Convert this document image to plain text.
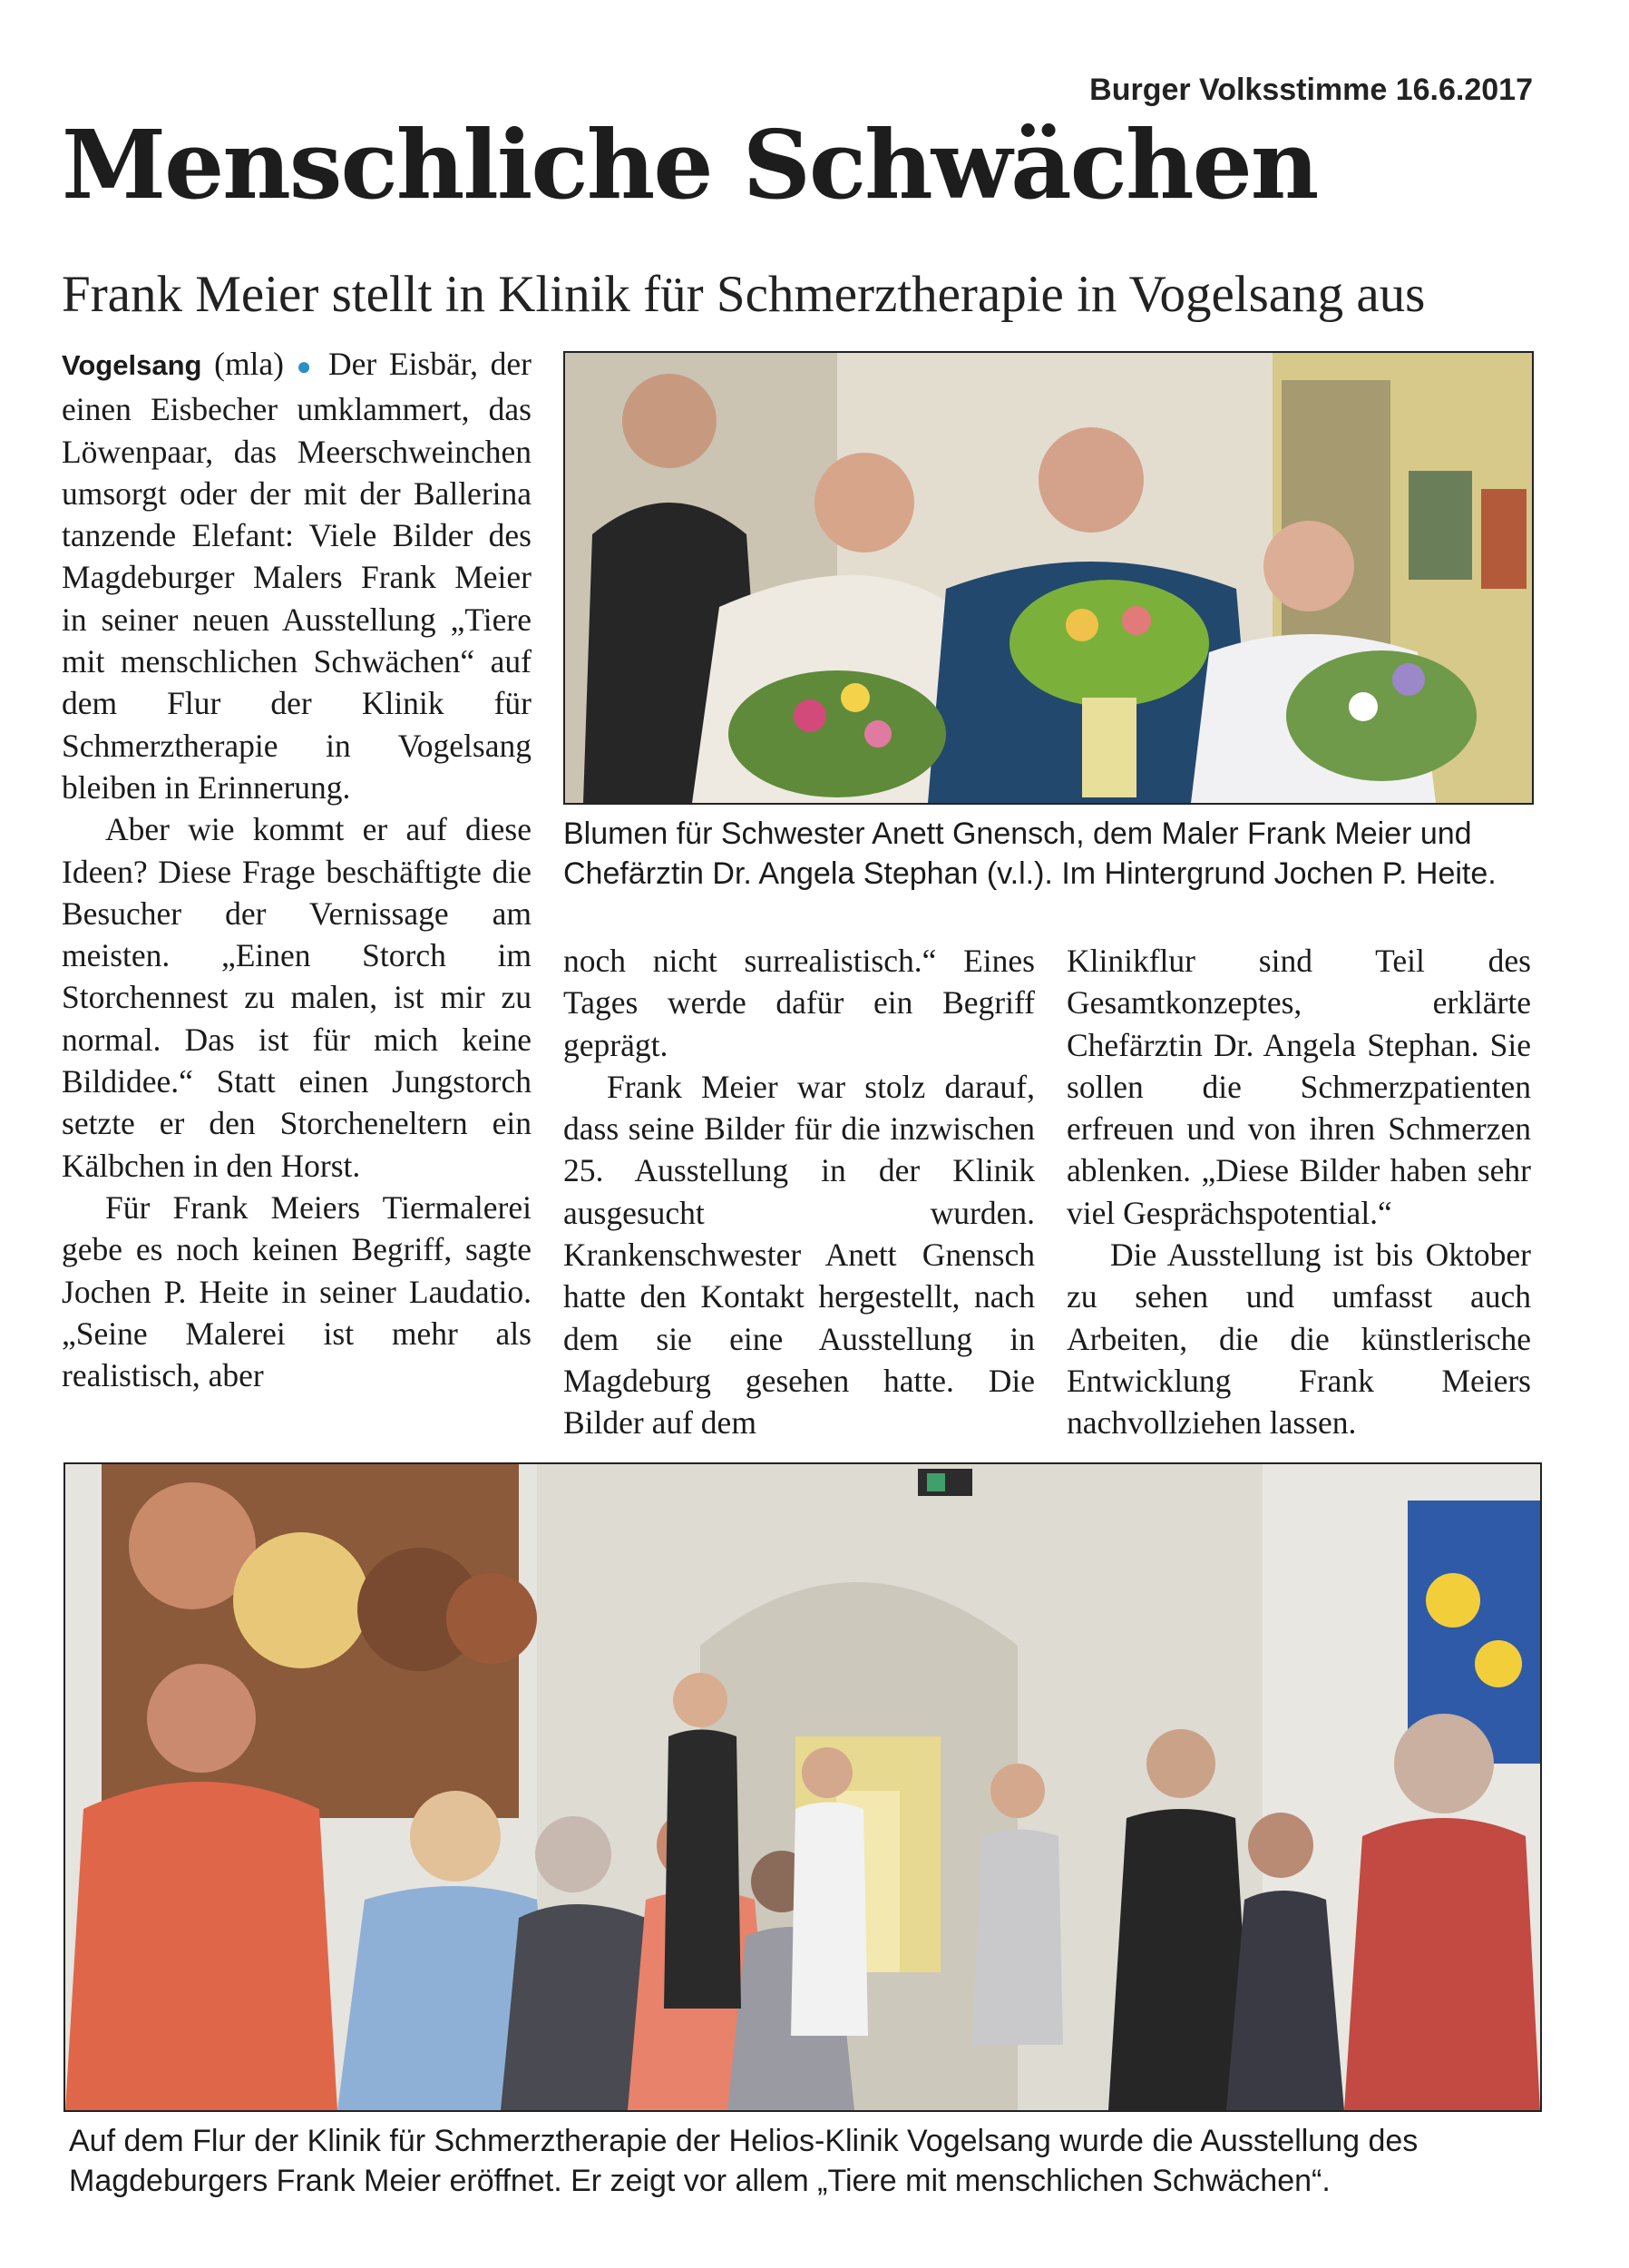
Burger Volksstimme 16.6.2017
Menschliche Schwächen
Frank Meier stellt in Klinik für Schmerztherapie in Vogelsang aus

Vogelsang (mla) ● Der Eisbär, der einen Eisbecher umklammert, das Löwenpaar, das Meerschweinchen umsorgt oder der mit der Ballerina tanzende Elefant: Viele Bilder des Magdeburger Malers Frank Meier in seiner neuen Ausstellung „Tiere mit menschlichen Schwächen“ auf dem Flur der Klinik für Schmerztherapie in Vogelsang bleiben in Erinnerung.

Aber wie kommt er auf diese Ideen? Diese Frage beschäftigte die Besucher der Vernissage am meisten. „Einen Storch im Storchennest zu malen, ist mir zu normal. Das ist für mich keine Bildidee.“ Statt einen Jungstorch setzte er den Storcheneltern ein Kälbchen in den Horst.

Für Frank Meiers Tiermalerei gebe es noch keinen Begriff, sagte Jochen P. Heite in seiner Laudatio. „Seine Malerei ist mehr als realistisch, aber

Blumen für Schwester Anett Gnensch, dem Maler Frank Meier und
Chefärztin Dr. Angela Stephan (v.l.). Im Hintergrund Jochen P. Heite.

noch nicht surrealistisch.“ Eines Tages werde dafür ein Begriff geprägt.

Frank Meier war stolz darauf, dass seine Bilder für die inzwischen 25. Ausstellung in der Klinik ausgesucht wurden. Krankenschwester Anett Gnensch hatte den Kontakt hergestellt, nach dem sie eine Ausstellung in Magdeburg gesehen hatte. Die Bilder auf dem

Klinikflur sind Teil des Gesamtkonzeptes, erklärte Chefärztin Dr. Angela Stephan. Sie sollen die Schmerzpatienten erfreuen und von ihren Schmerzen ablenken. „Diese Bilder haben sehr viel Gesprächspotential.“

Die Ausstellung ist bis Oktober zu sehen und umfasst auch Arbeiten, die die künstlerische Entwicklung Frank Meiers nachvollziehen lassen.

Auf dem Flur der Klinik für Schmerztherapie der Helios-Klinik Vogelsang wurde die Ausstellung des
Magdeburgers Frank Meier eröffnet. Er zeigt vor allem „Tiere mit menschlichen Schwächen“.
